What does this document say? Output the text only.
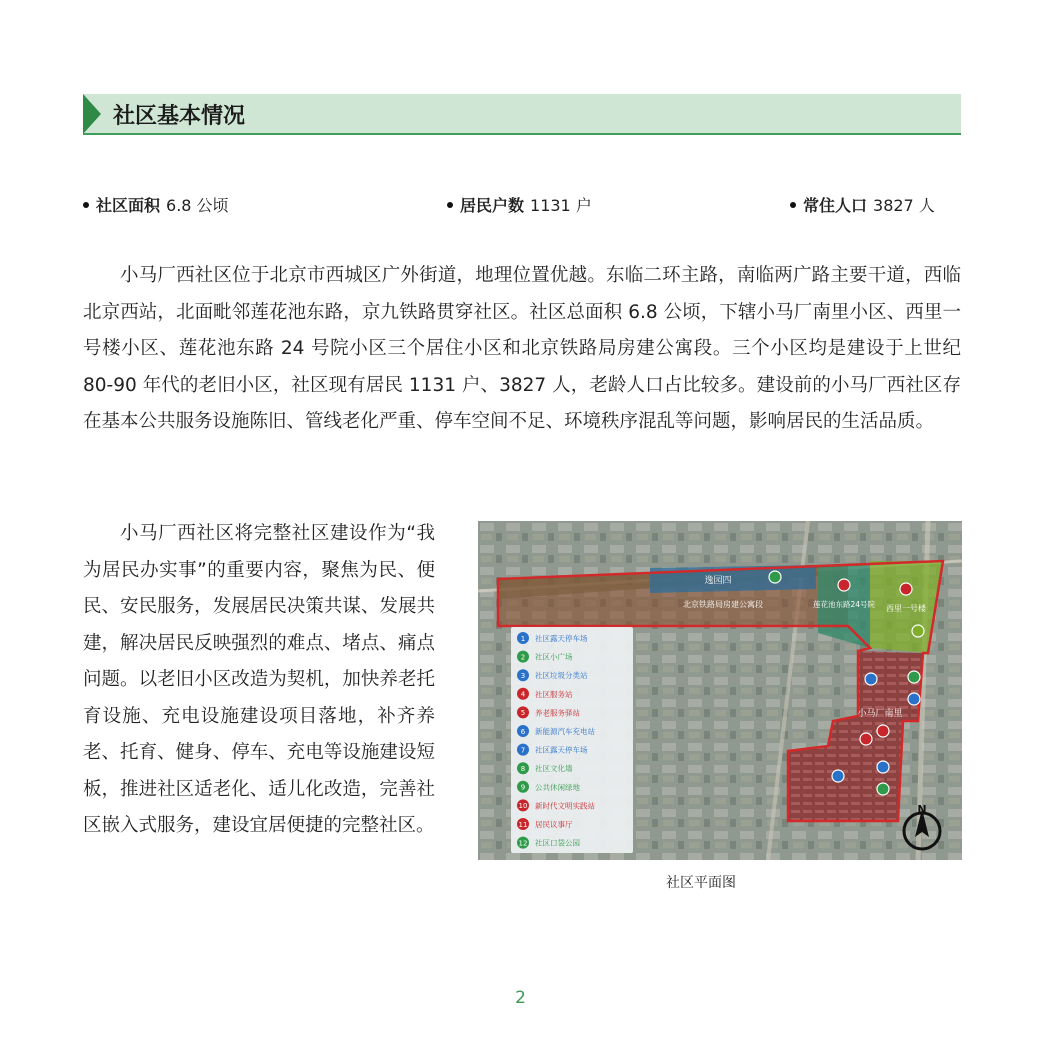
社区基本情况
社区面积 6.8 公顷	居民户数 1131 户	常住人口 3827 人
小马厂西社区位于北京市西城区广外街道，地理位置优越。东临二环主路，南临两广路主要干道，西临北京西站，北面毗邻莲花池东路，京九铁路贯穿社区。社区总面积 6.8 公顷，下辖小马厂南里小区、西里一号楼小区、莲花池东路 24 号院小区三个居住小区和北京铁路局房建公寓段。三个小区均是建设于上世纪 80-90 年代的老旧小区，社区现有居民 1131 户、3827 人，老龄人口占比较多。建设前的小马厂西社区存在基本公共服务设施陈旧、管线老化严重、停车空间不足、环境秩序混乱等问题，影响居民的生活品质。
小马厂西社区将完整社区建设作为“我为居民办实事”的重要内容，聚焦为民、便民、安民服务，发展居民决策共谋、发展共建，解决居民反映强烈的难点、堵点、痛点问题。以老旧小区改造为契机，加快养老托育设施、充电设施建设项目落地，补齐养老、托育、健身、停车、充电等设施建设短板，推进社区适老化、适儿化改造，完善社区嵌入式服务，建设宜居便捷的完整社区。
逸园四
北京铁路局房建公寓段	莲花池东路24号院 西里一号楼
小马厂南里
1 社区露天停车场
2 社区小广场
3 社区垃圾分类站
4 社区服务站
5 养老服务驿站
6 新能源汽车充电站
7 社区露天停车场
8 社区文化墙
9 公共休闲绿地
10 新时代文明实践站
11 居民议事厅
12 社区口袋公园
N
社区平面图
2
